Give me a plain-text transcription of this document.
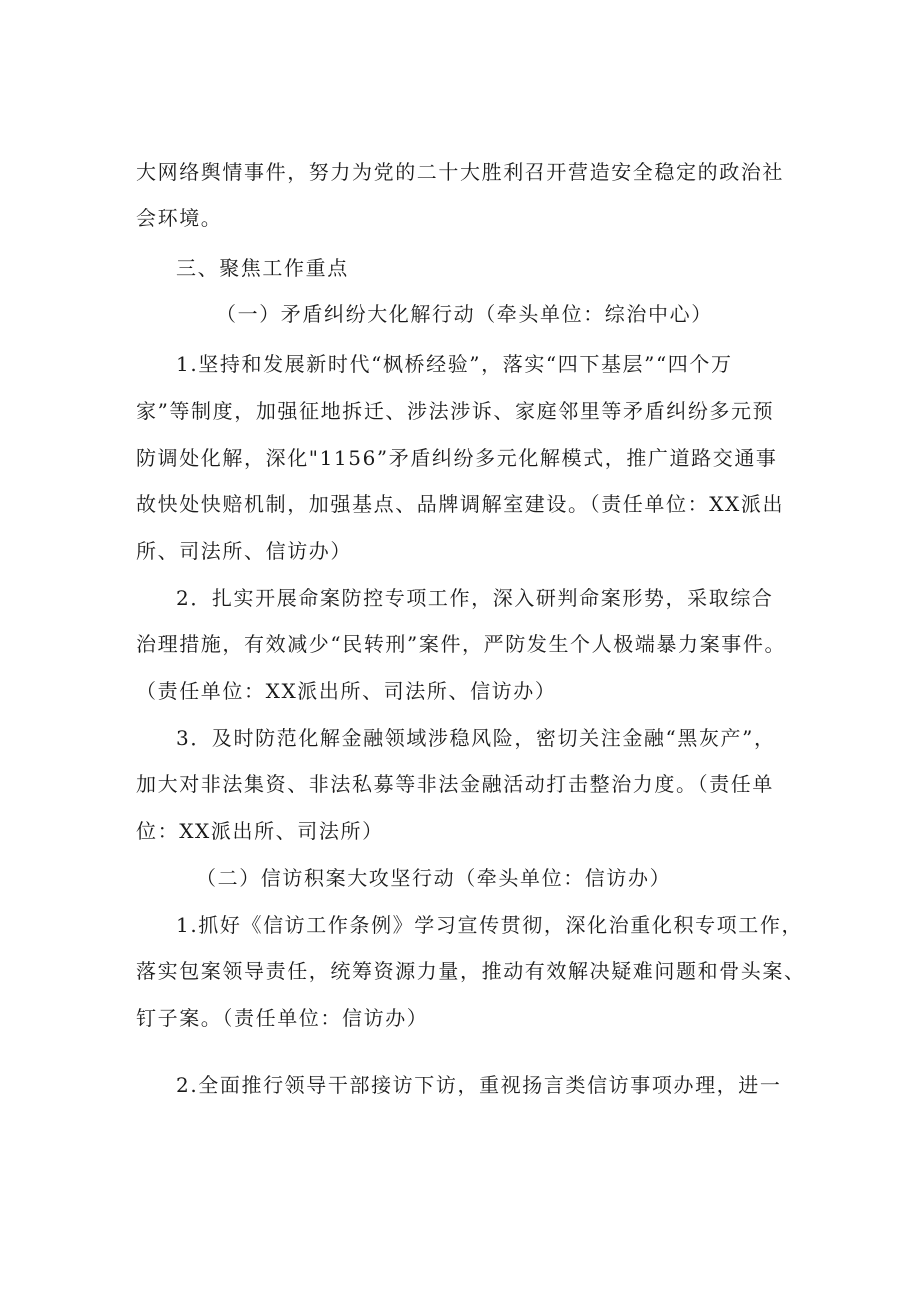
大网络舆情事件，努力为党的二十大胜利召开营造安全稳定的政治社
会环境。
三、聚焦工作重点
（一）矛盾纠纷大化解行动（牵头单位：综治中心）
1.坚持和发展新时代“枫桥经验”，落实“四下基层”“四个万
家”等制度，加强征地拆迁、涉法涉诉、家庭邻里等矛盾纠纷多元预
防调处化解，深化"1156”矛盾纠纷多元化解模式，推广道路交通事
故快处快赔机制，加强基点、品牌调解室建设。（责任单位：XX派出
所、司法所、信访办）
2．扎实开展命案防控专项工作，深入研判命案形势，采取综合
治理措施，有效减少“民转刑”案件，严防发生个人极端暴力案事件。
（责任单位：XX派出所、司法所、信访办）
3．及时防范化解金融领域涉稳风险，密切关注金融“黑灰产”，
加大对非法集资、非法私募等非法金融活动打击整治力度。（责任单
位：XX派出所、司法所）
（二）信访积案大攻坚行动（牵头单位：信访办）
1.抓好《信访工作条例》学习宣传贯彻，深化治重化积专项工作，
落实包案领导责任，统筹资源力量，推动有效解决疑难问题和骨头案、
钉子案。（责任单位：信访办）
2.全面推行领导干部接访下访，重视扬言类信访事项办理，进一
